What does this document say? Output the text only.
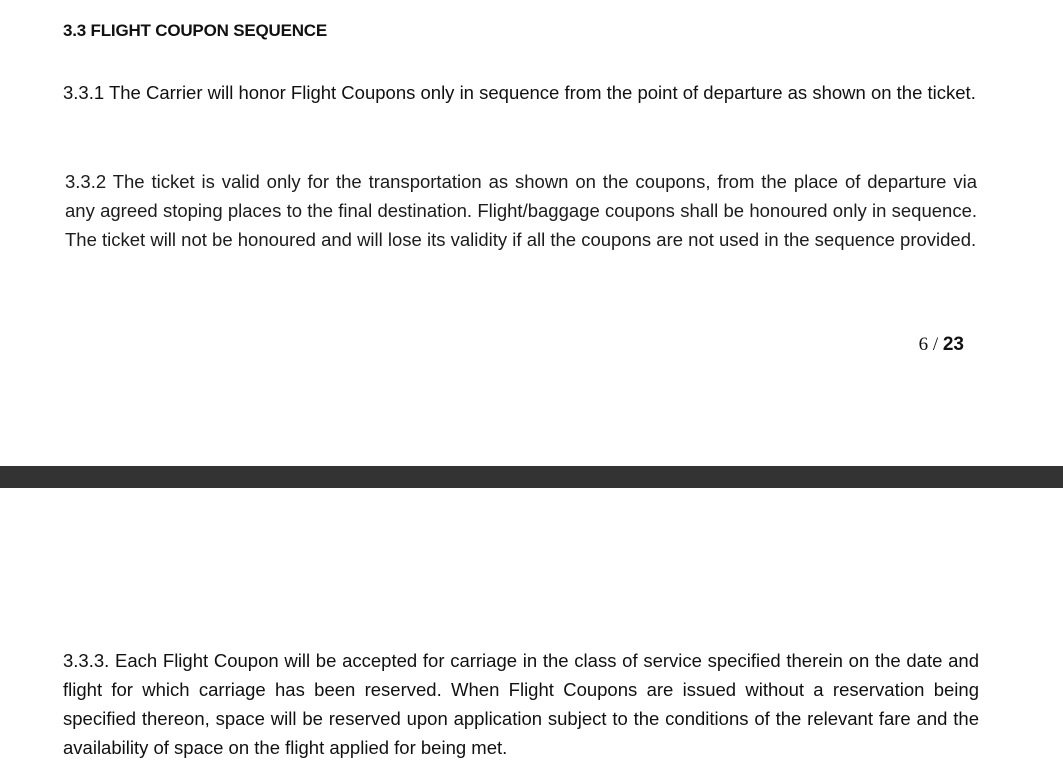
3.3 FLIGHT COUPON SEQUENCE

3.3.1 The Carrier will honor Flight Coupons only in sequence from the point of departure as shown on the ticket.

3.3.2 The ticket is valid only for the transportation as shown on the coupons, from the place of departure via any agreed stoping places to the final destination. Flight/baggage coupons shall be honoured only in sequence. The ticket will not be honoured and will lose its validity if all the coupons are not used in the sequence provided.

6 / 23

3.3.3. Each Flight Coupon will be accepted for carriage in the class of service specified therein on the date and flight for which carriage has been reserved. When Flight Coupons are issued without a reservation being specified thereon, space will be reserved upon application subject to the conditions of the relevant fare and the availability of space on the flight applied for being met.
